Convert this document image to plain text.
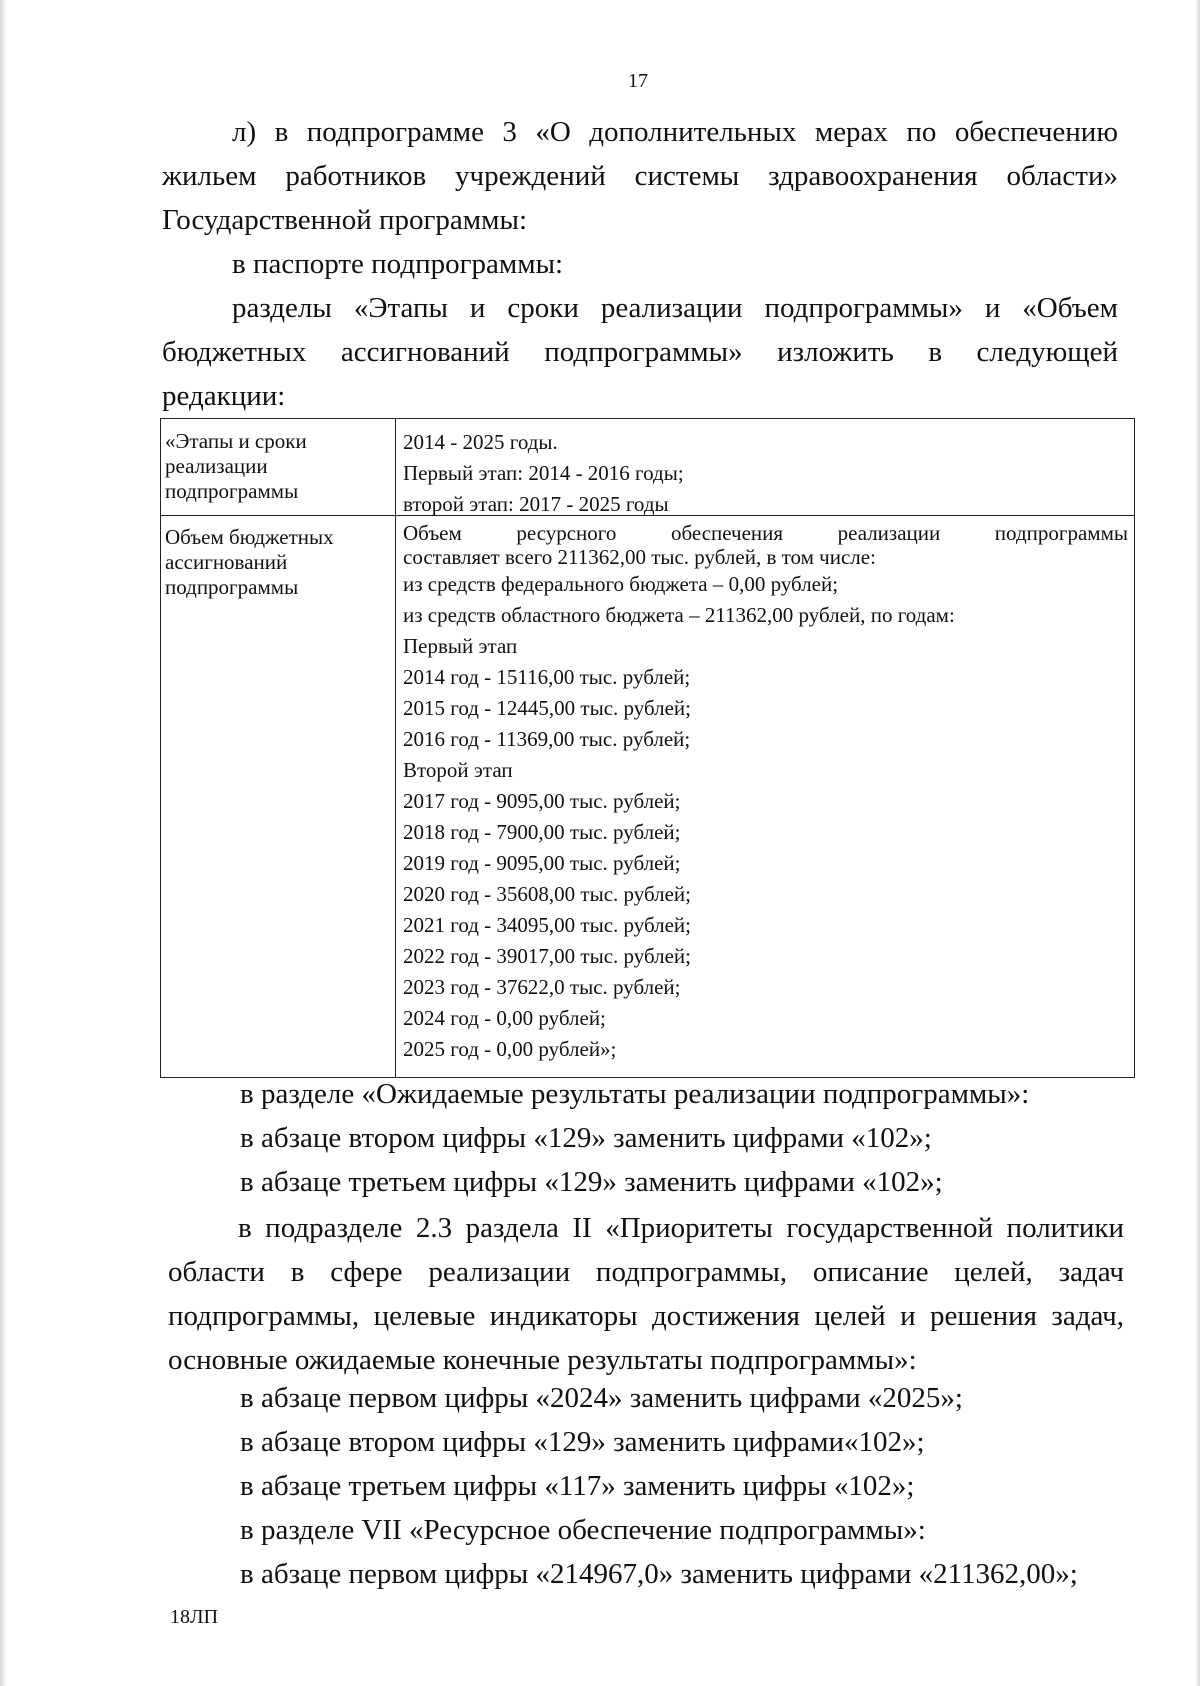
17
л) в подпрограмме 3 «О дополнительных мерах по обеспечению
жильем работников учреждений системы здравоохранения области»
Государственной программы:
в паспорте подпрограммы:
разделы «Этапы и сроки реализации подпрограммы» и «Объем
бюджетных ассигнований подпрограммы» изложить в следующей
редакции:
«Этапы и сроки реализации подпрограммы
2014 - 2025 годы.
Первый этап: 2014 - 2016 годы;
второй этап: 2017 - 2025 годы
Объем бюджетных ассигнований подпрограммы
Объем ресурсного обеспечения реализации подпрограммы
составляет всего 211362,00 тыс. рублей, в том числе:
из средств федерального бюджета – 0,00 рублей;
из средств областного бюджета – 211362,00 рублей, по годам:
Первый этап
2014 год - 15116,00 тыс. рублей;
2015 год - 12445,00 тыс. рублей;
2016 год - 11369,00 тыс. рублей;
Второй этап
2017 год - 9095,00 тыс. рублей;
2018 год - 7900,00 тыс. рублей;
2019 год - 9095,00 тыс. рублей;
2020 год - 35608,00 тыс. рублей;
2021 год - 34095,00 тыс. рублей;
2022 год - 39017,00 тыс. рублей;
2023 год - 37622,0 тыс. рублей;
2024 год - 0,00 рублей;
2025 год - 0,00 рублей»;
в разделе «Ожидаемые результаты реализации подпрограммы»:
в абзаце втором цифры «129» заменить цифрами «102»;
в абзаце третьем цифры «129» заменить цифрами «102»;
в подразделе 2.3 раздела II «Приоритеты государственной политики
области в сфере реализации подпрограммы, описание целей, задач
подпрограммы, целевые индикаторы достижения целей и решения задач,
основные ожидаемые конечные результаты подпрограммы»:
в абзаце первом цифры «2024» заменить цифрами «2025»;
в абзаце втором цифры «129» заменить цифрами«102»;
в абзаце третьем цифры «117» заменить цифры «102»;
в разделе VII «Ресурсное обеспечение подпрограммы»:
в абзаце первом цифры «214967,0» заменить цифрами «211362,00»;
18ЛП
